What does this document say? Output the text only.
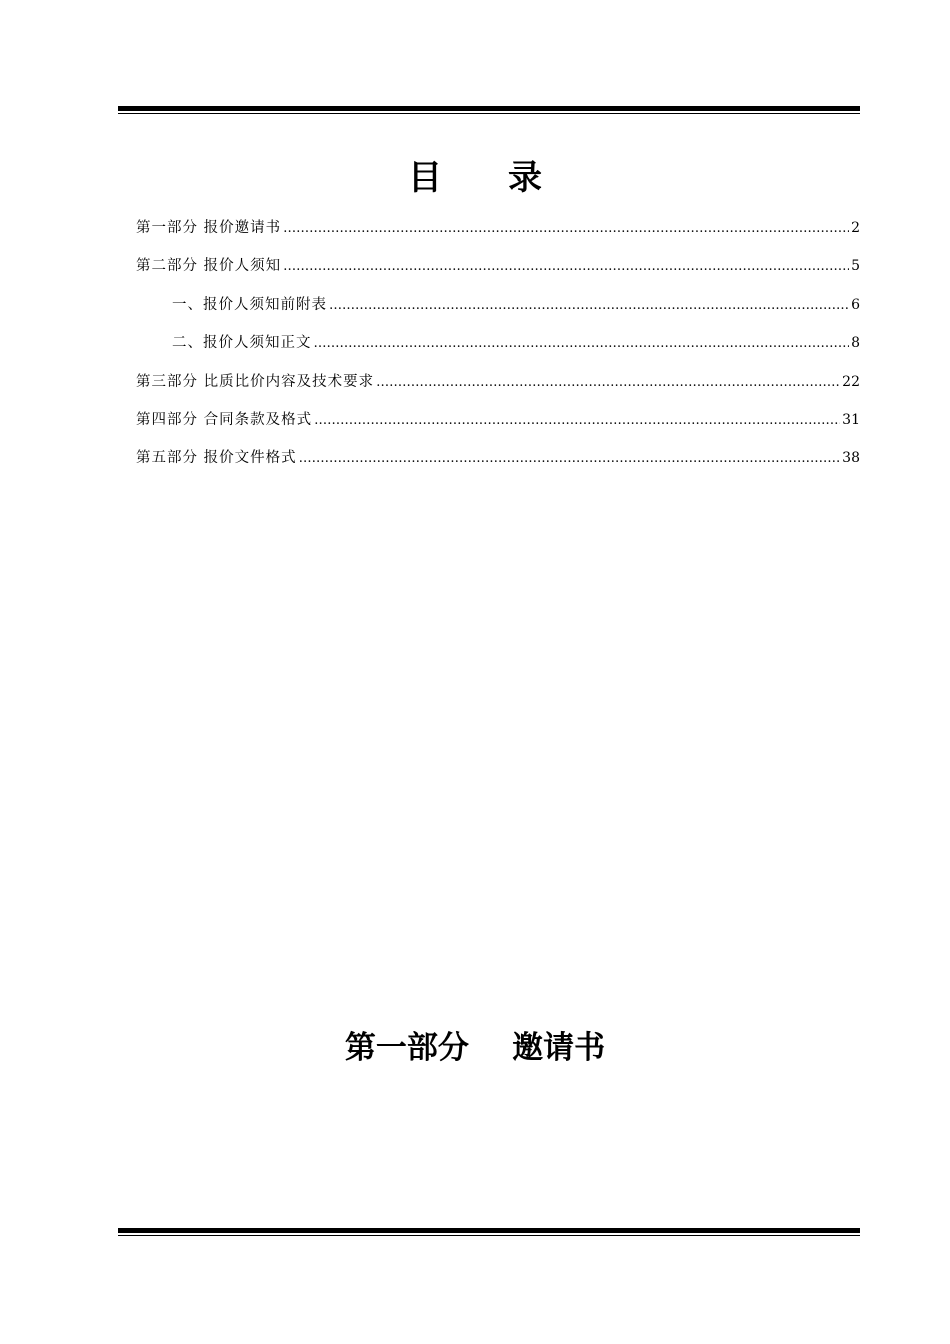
目录
第一部分 报价邀请书 ……………………………………………………………………………………………………………………………………………………………………………………………………	2
第二部分 报价人须知 ……………………………………………………………………………………………………………………………………………………………………………………………………	5
一、报价人须知前附表 ……………………………………………………………………………………………………………………………………………………………………………………………………	6
二、报价人须知正文 ……………………………………………………………………………………………………………………………………………………………………………………………………	8
第三部分 比质比价内容及技术要求 ……………………………………………………………………………………………………………………………………………………………………………………………………	22
第四部分 合同条款及格式 ……………………………………………………………………………………………………………………………………………………………………………………………………	31
第五部分 报价文件格式 ……………………………………………………………………………………………………………………………………………………………………………………………………	38
第一部分    邀请书
